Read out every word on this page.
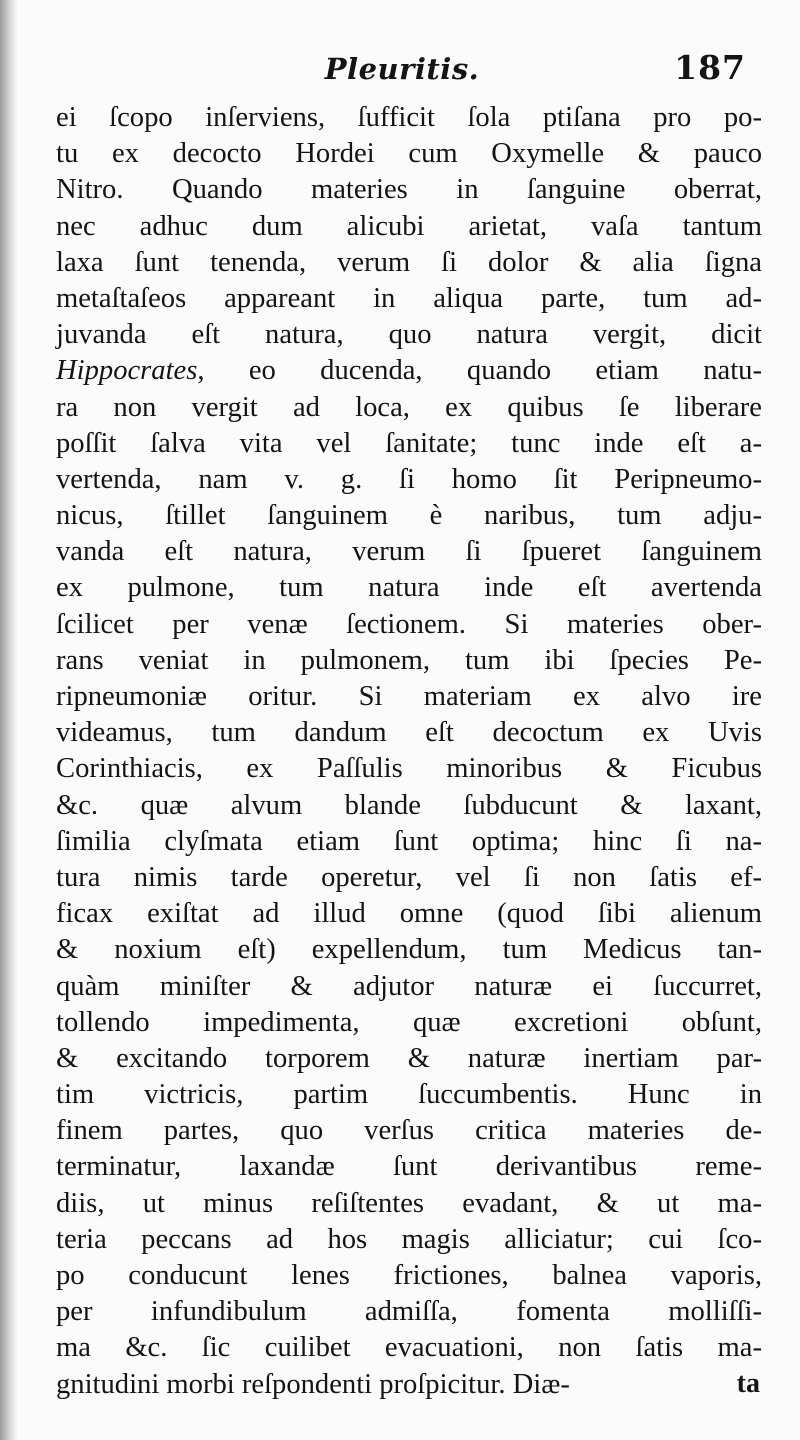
Pleuritis.	187
ei ſcopo inſerviens, ſufficit ſola ptiſana pro po-
tu ex decocto Hordei cum Oxymelle & pauco
Nitro. Quando materies in ſanguine oberrat,
nec adhuc dum alicubi arietat, vaſa tantum
laxa ſunt tenenda, verum ſi dolor & alia ſigna
metaſtaſeos appareant in aliqua parte, tum ad-
juvanda eſt natura, quo natura vergit, dicit
Hippocrates, eo ducenda, quando etiam natu-
ra non vergit ad loca, ex quibus ſe liberare
poſſit ſalva vita vel ſanitate; tunc inde eſt a-
vertenda, nam v. g. ſi homo ſit Peripneumo-
nicus, ſtillet ſanguinem è naribus, tum adju-
vanda eſt natura, verum ſi ſpueret ſanguinem
ex pulmone, tum natura inde eſt avertenda
ſcilicet per venæ ſectionem. Si materies ober-
rans veniat in pulmonem, tum ibi ſpecies Pe-
ripneumoniæ oritur. Si materiam ex alvo ire
videamus, tum dandum eſt decoctum ex Uvis
Corinthiacis, ex Paſſulis minoribus & Ficubus
&c. quæ alvum blande ſubducunt & laxant,
ſimilia clyſmata etiam ſunt optima; hinc ſi na-
tura nimis tarde operetur, vel ſi non ſatis ef-
ficax exiſtat ad illud omne (quod ſibi alienum
& noxium eſt) expellendum, tum Medicus tan-
quàm miniſter & adjutor naturæ ei ſuccurret,
tollendo impedimenta, quæ excretioni obſunt,
& excitando torporem & naturæ inertiam par-
tim victricis, partim ſuccumbentis. Hunc in
finem partes, quo verſus critica materies de-
terminatur, laxandæ ſunt derivantibus reme-
diis, ut minus reſiſtentes evadant, & ut ma-
teria peccans ad hos magis alliciatur; cui ſco-
po conducunt lenes frictiones, balnea vaporis,
per infundibulum admiſſa, fomenta molliſſi-
ma &c. ſic cuilibet evacuationi, non ſatis ma-
gnitudini morbi reſpondenti proſpicitur. Diæ-	ta
